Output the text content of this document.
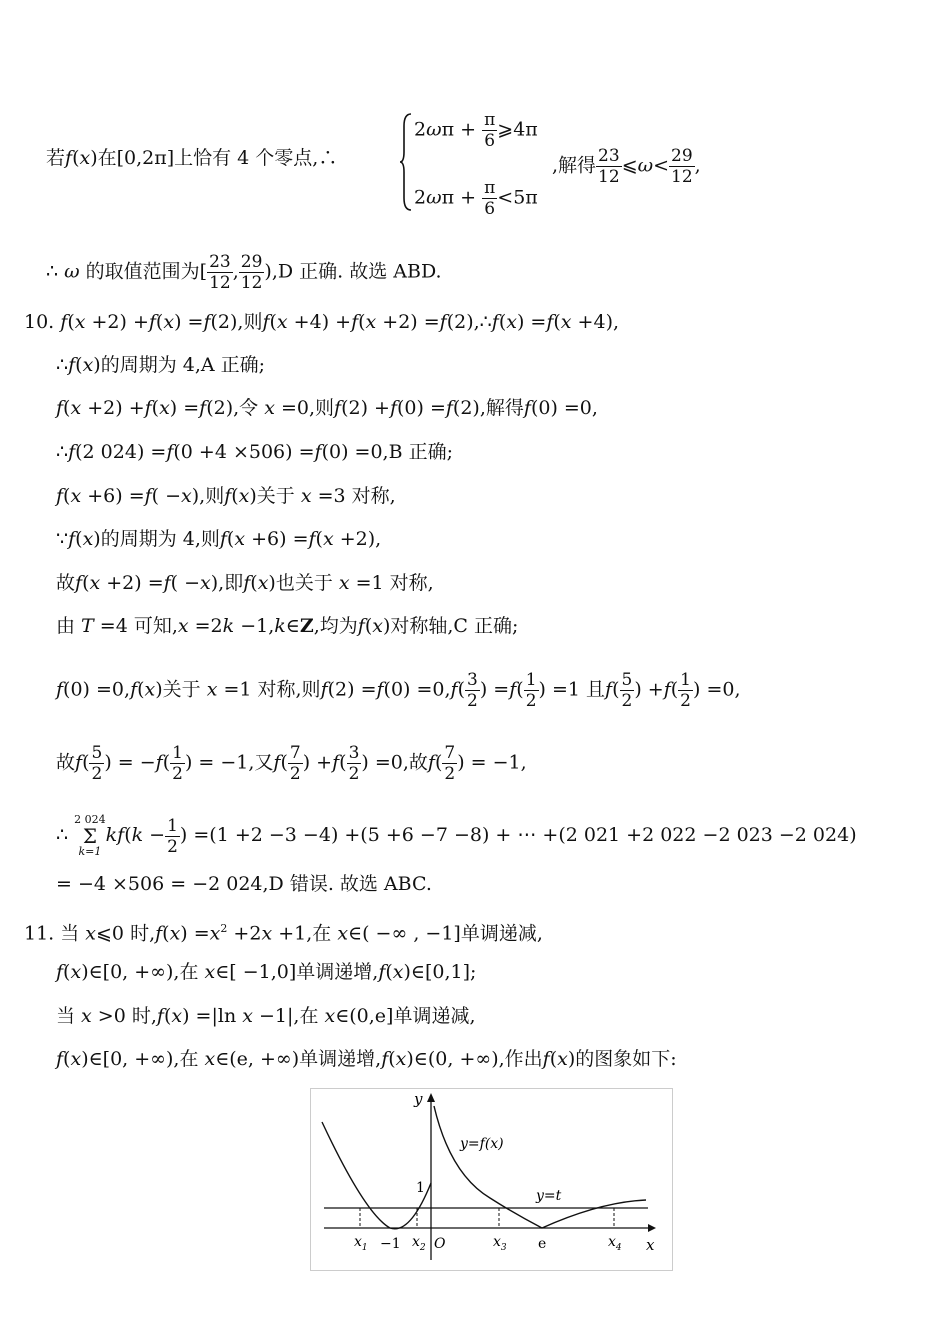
若f(x)在[0,2π]上恰有 4 个零点,∴
$2\omega\pi + \frac{\pi}{6}$ ⩾4π
$2\omega\pi + \frac{\pi}{6} <5\pi$
,解得 $\frac{23}{12}$ ⩽ω< $\frac{29}{12}$ ,
∴ ω 的取值范围为[ $\frac{23}{12}$ , $\frac{29}{12} ),D$ 正确. 故选 ABD.
10. f(x +2) +f(x) =f(2),则f(x +4) +f(x +2) =f(2),∴f(x) =f(x +4),
∴f(x)的周期为 4,A 正确;
f(x +2) +f(x) =f(2),令 x =0,则f(2) +f(0) =f(2),解得f(0) =0,
∴f(2 024) =f(0 +4 ×506) =f(0) =0,B 正确;
f(x +6) =f( −x),则f(x)关于 x =3 对称,
∵f(x)的周期为 4,则f(x +6) =f(x +2),
故f(x +2) =f( −x),即f(x)也关于 x =1 对称,
由 T =4 可知,x =2k −1,k∈Z,均为f(x)对称轴,C 正确;
f(0) =0,f(x)关于 x =1 对称,则$f(2) =f(0) =0,f( \frac{3}{2}$ ) $=f( \frac{1}{2}$ ) =1 且$f( \frac{5}{2}$ ) $+f( \frac{1}{2}$ ) =0,
故$f( \frac{5}{2}$ ) = $-f( \frac{1}{2}$ ) = −1,又$f( \frac{7}{2}$ ) $+f( \frac{3}{2}$ ) =0,故$f( \frac{7}{2}$ ) = −1,
∴ 2 024
Σ
$k=1kf(k - \frac{1}{2}$ ) =(1 +2 −3 −4) +(5 +6 −7 −8) + ⋯ +(2 021 +2 022 −2 023 −2 024)
= −4 ×506 = −2 024,D 错误. 故选 ABC.
11. 当 x⩽0 时$,f(x) =x^2 +2x +1$,在 x∈( −∞ , −1]单调递减,
f(x)∈[0, +∞),在 x∈[ −1,0]单调递增,f(x)∈[0,1];
当 x >0 时,f(x) =|ln x −1|,在 x∈(0,e]单调递减,
f(x)∈[0, +∞),在 x∈(e, +∞)单调递增,f(x)∈(0, +∞),作出f(x)的图象如下:
y
x
y=f(x)
y=t
1
−1 O	e
$x_1$	$x_2$	$x_3$	$x_4$
